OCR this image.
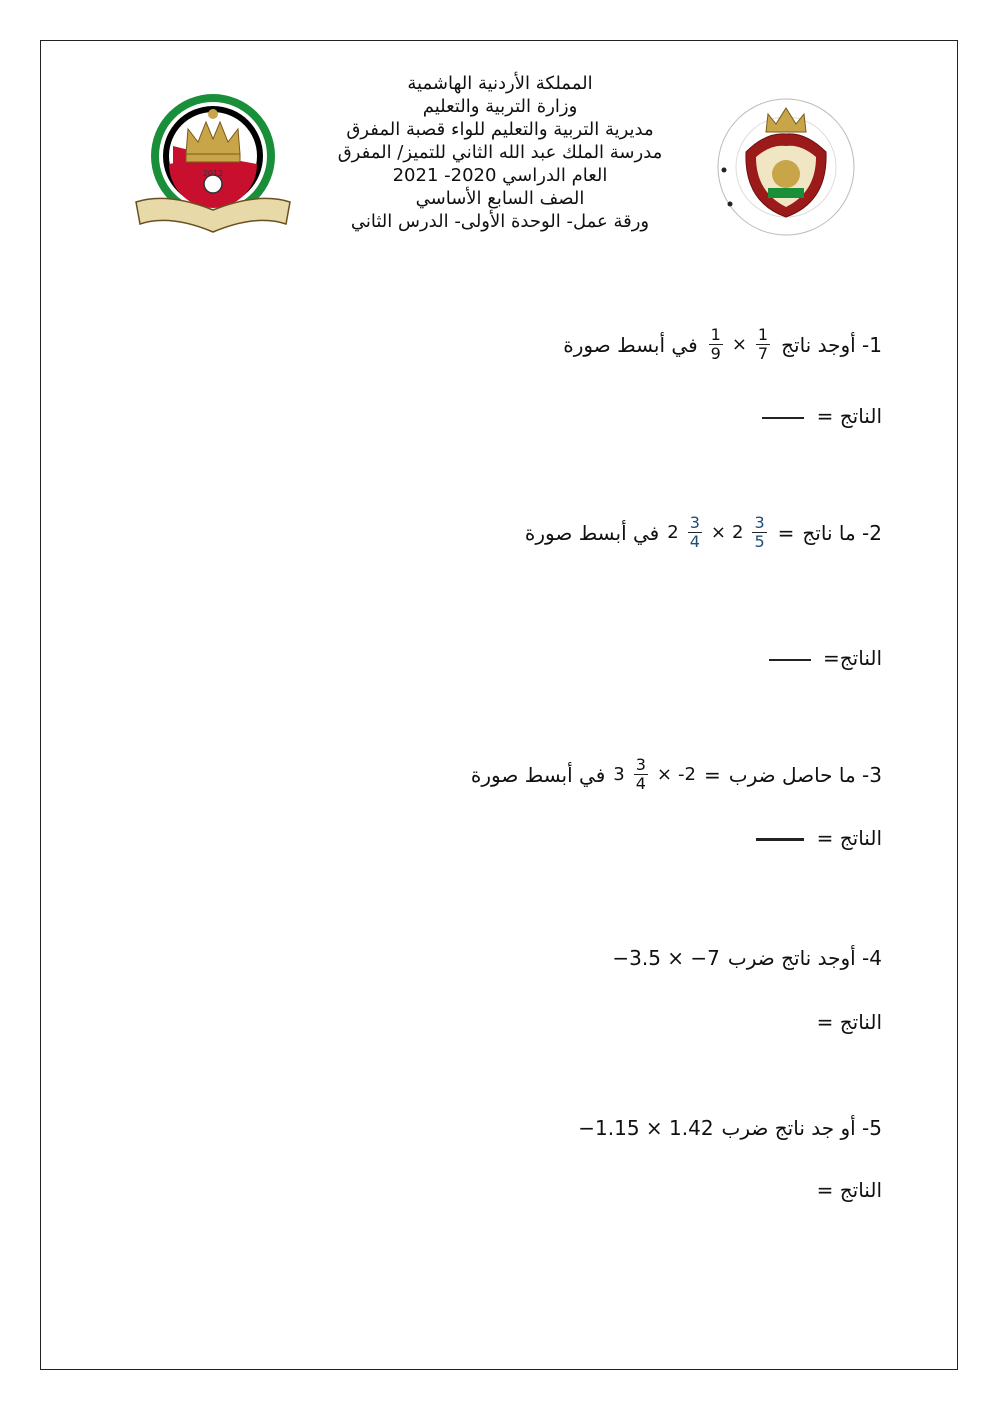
2012
المملكة الأردنية الهاشمية
وزارة التربية والتعليم
مديرية التربية والتعليم للواء قصبة المفرق
مدرسة الملك عبد الله الثاني للتميز/ المفرق
العام الدراسي 2020- 2021
الصف السابع الأساسي
ورقة عمل- الوحدة الأولى- الدرس الثاني
1- أوجد ناتج
$\frac{1}{9} \times \frac{1}{7}$
في أبسط صورة
الناتج =
2- ما ناتج
=
$2 \frac{3}{4} \times 2 \frac{3}{5}$
في أبسط صورة
الناتج=
3- ما حاصل ضرب
=
$3 \frac{3}{4} \times -2$
في أبسط صورة
الناتج =
4- أوجد ناتج ضرب
−3.5 × −7
الناتج =
5- أو جد ناتج ضرب
−1.15 × 1.42
الناتج =
